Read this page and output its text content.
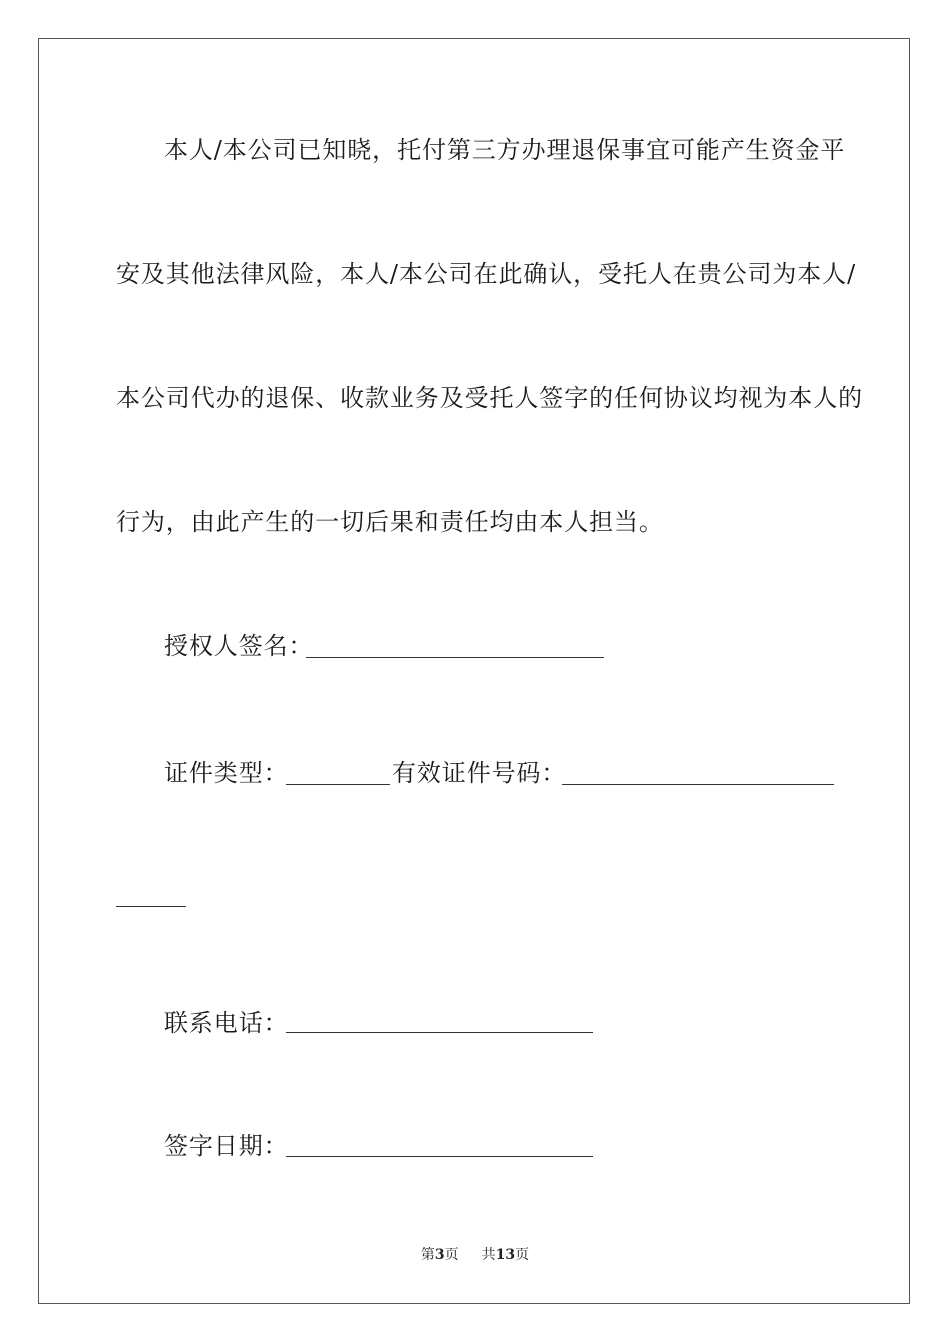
本人/本公司已知晓，托付第三方办理退保事宜可能产生资金平
安及其他法律风险，本人/本公司在此确认，受托人在贵公司为本人/
本公司代办的退保、收款业务及受托人签字的任何协议均视为本人的
行为，由此产生的一切后果和责任均由本人担当。
授权人签名：
证件类型：	有效证件号码：
联系电话：
签字日期：
第3页 共13页
